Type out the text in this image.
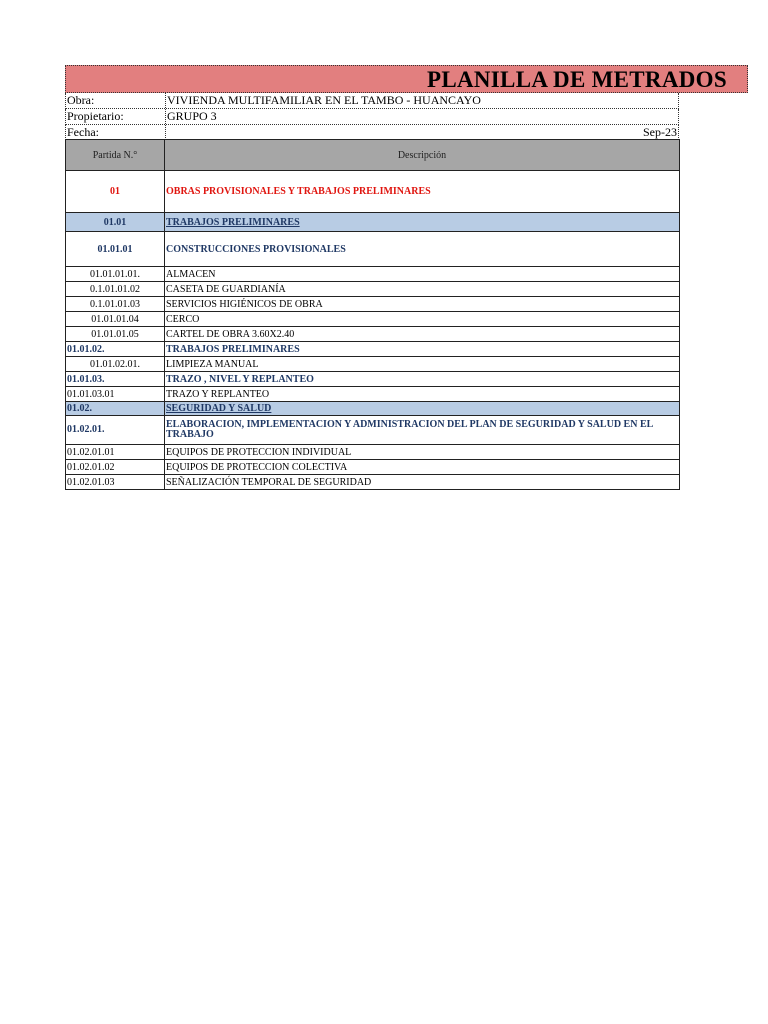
PLANILLA DE METRADOS
Obra:	VIVIENDA MULTIFAMILIAR EN EL TAMBO - HUANCAYO
Propietario:	GRUPO 3
Fecha:	Sep-23
Partida N.°	Descripción
01	OBRAS PROVISIONALES Y TRABAJOS PRELIMINARES
01.01	TRABAJOS PRELIMINARES
01.01.01	CONSTRUCCIONES PROVISIONALES
01.01.01.01.	ALMACEN
0.1.01.01.02	CASETA DE GUARDIANÍA
0.1.01.01.03	SERVICIOS HIGIÉNICOS DE OBRA
01.01.01.04	CERCO
01.01.01.05	CARTEL DE OBRA 3.60X2.40
01.01.02.	TRABAJOS PRELIMINARES
01.01.02.01.	LIMPIEZA MANUAL
01.01.03.	TRAZO , NIVEL Y REPLANTEO
01.01.03.01	TRAZO Y REPLANTEO
01.02.	SEGURIDAD Y SALUD
01.02.01.	ELABORACION, IMPLEMENTACION Y ADMINISTRACION DEL PLAN DE SEGURIDAD Y SALUD EN EL TRABAJO
01.02.01.01	EQUIPOS DE PROTECCION INDIVIDUAL
01.02.01.02	EQUIPOS DE PROTECCION COLECTIVA
01.02.01.03	SEÑALIZACIÓN TEMPORAL DE SEGURIDAD
